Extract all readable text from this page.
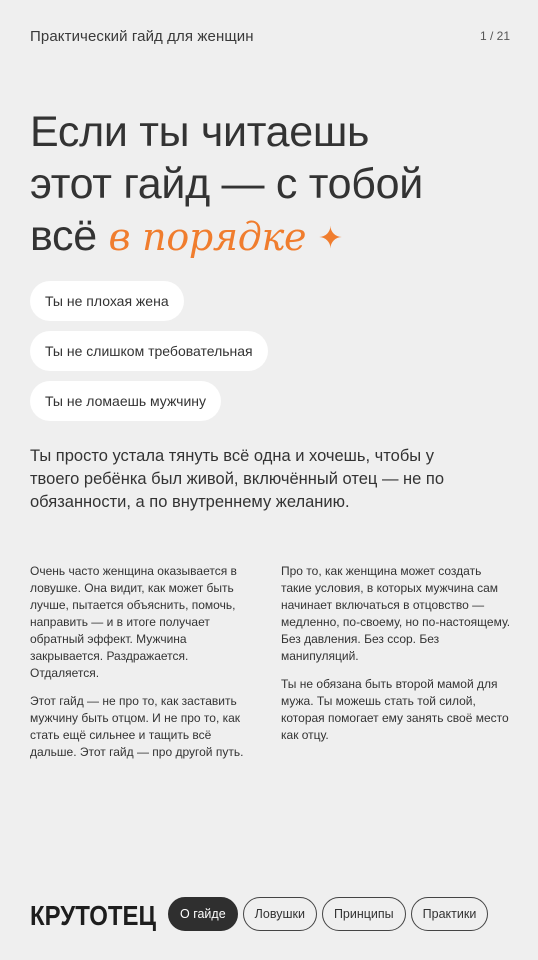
Практический гайд для женщин	1 / 21
Если ты читаешь
этот гайд — с тобой
всё в порядке ✦
Ты не плохая жена
Ты не слишком требовательная
Ты не ломаешь мужчину

Ты просто устала тянуть всё одна и хочешь, чтобы у твоего ребёнка был живой, включённый отец — не по обязанности, а по внутреннему желанию.

Очень часто женщина оказывается в ловушке. Она видит, как может быть лучше, пытается объяснить, помочь, направить — и в итоге получает обратный эффект. Мужчина закрывается. Раздражается. Отдаляется.

Этот гайд — не про то, как заставить мужчину быть отцом. И не про то, как стать ещё сильнее и тащить всё дальше. Этот гайд — про другой путь.

Про то, как женщина может создать такие условия, в которых мужчина сам начинает включаться в отцовство — медленно, по-своему, но по-настоящему. Без давления. Без ссор. Без манипуляций.

Ты не обязана быть второй мамой для мужа. Ты можешь стать той силой, которая помогает ему занять своё место как отцу.

КРУТОТЕЦ	О гайде	Ловушки	Принципы	Практики
